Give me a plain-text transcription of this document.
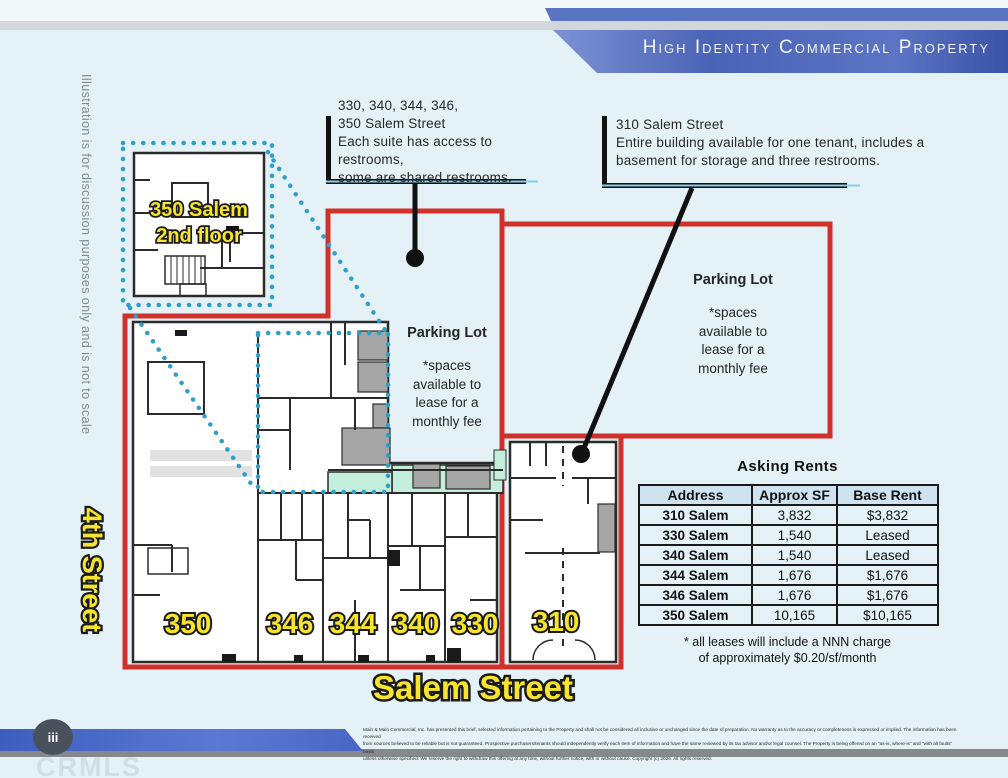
iii
350 346 344 340 330 310
Salem Street
4th Street
350 Salem
2nd floor
High Identity Commercial Property
Illustration is for discussion purposes only and is not to scale	330, 340, 344, 346,
350 Salem Street
Each suite has access to restrooms,
some are shared restrooms.
310 Salem Street
Entire building available for one tenant, includes a
basement for storage and three restrooms.
Parking Lot
*spaces
available to
lease for a
monthly fee
Parking Lot
*spaces
available to
lease for a
monthly fee
Asking Rents
Address	Approx SF	Base Rent
310 Salem	3,832	$3,832
330 Salem	1,540	Leased
340 Salem	1,540	Leased
344 Salem	1,676	$1,676
346 Salem	1,676	$1,676
350 Salem	10,165	$10,165
* all leases will include a NNN charge
of approximately $0.20/sf/month
Main & Main Commercial, Inc. has presented this brief, selected information pertaining to the Property and shall not be considered all inclusive or unchanged since the date of preparation. No warranty as to the accuracy or completeness is expressed or implied. The information has been received
from sources believed to be reliable but is not guaranteed. Prospective purchasers/tenants should independently verify each item of information and have the same reviewed by its tax advisor and/or legal counsel. The Property is being offered on an "as-is, where-is" and "with all faults" basis
unless otherwise specified. We reserve the right to withdraw this offering at any time, without further notice, with or without cause. Copyright (c) 2026. All rights reserved.
CRMLS
